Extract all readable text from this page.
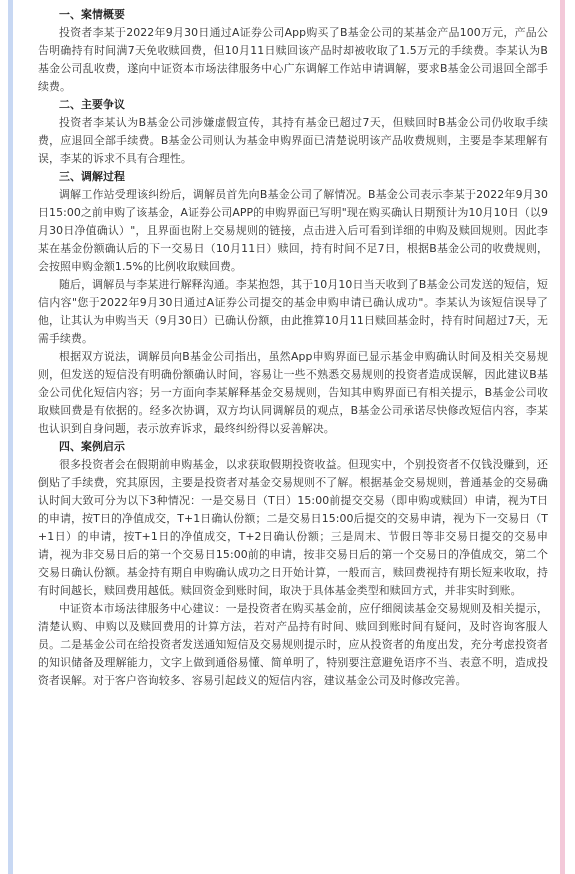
一、案情概要

投资者李某于2022年9月30日通过A证券公司App购买了B基金公司的某基金产品100万元，产品公告明确持有时间满7天免收赎回费，但10月11日赎回该产品时却被收取了1.5万元的手续费。李某认为B基金公司乱收费，遂向中证资本市场法律服务中心广东调解工作站申请调解，要求B基金公司退回全部手续费。

二、主要争议

投资者李某认为B基金公司涉嫌虚假宣传，其持有基金已超过7天，但赎回时B基金公司仍收取手续费，应退回全部手续费。B基金公司则认为基金申购界面已清楚说明该产品收费规则，主要是李某理解有误，李某的诉求不具有合理性。

三、调解过程

调解工作站受理该纠纷后，调解员首先向B基金公司了解情况。B基金公司表示李某于2022年9月30日15:00之前申购了该基金，A证券公司APP的申购界面已写明"现在购买确认日期预计为10月10日（以9月30日净值确认）"，且界面也附上交易规则的链接，点击进入后可看到详细的申购及赎回规则。因此李某在基金份额确认后的下一交易日（10月11日）赎回，持有时间不足7日，根据B基金公司的收费规则，会按照申购金额1.5%的比例收取赎回费。

随后，调解员与李某进行解释沟通。李某抱怨，其于10月10日当天收到了B基金公司发送的短信，短信内容"您于2022年9月30日通过A证券公司提交的基金申购申请已确认成功"。李某认为该短信误导了他，让其认为申购当天（9月30日）已确认份额，由此推算10月11日赎回基金时，持有时间超过7天，无需手续费。

根据双方说法，调解员向B基金公司指出，虽然App申购界面已显示基金申购确认时间及相关交易规则，但发送的短信没有明确份额确认时间，容易让一些不熟悉交易规则的投资者造成误解，因此建议B基金公司优化短信内容；另一方面向李某解释基金交易规则，告知其申购界面已有相关提示，B基金公司收取赎回费是有依据的。经多次协调，双方均认同调解员的观点，B基金公司承诺尽快修改短信内容，李某也认识到自身问题，表示放弃诉求，最终纠纷得以妥善解决。

四、案例启示

很多投资者会在假期前申购基金，以求获取假期投资收益。但现实中，个别投资者不仅钱没赚到，还倒贴了手续费，究其原因，主要是投资者对基金交易规则不了解。根据基金交易规则，普通基金的交易确认时间大致可分为以下3种情况：一是交易日（T日）15:00前提交交易（即申购或赎回）申请，视为T日的申请，按T日的净值成交，T+1日确认份额；二是交易日15:00后提交的交易申请，视为下一交易日（T+1日）的申请，按T+1日的净值成交，T+2日确认份额；三是周末、节假日等非交易日提交的交易申请，视为非交易日后的第一个交易日15:00前的申请，按非交易日后的第一个交易日的净值成交，第二个交易日确认份额。基金持有期自申购确认成功之日开始计算，一般而言，赎回费视持有期长短来收取，持有时间越长，赎回费用越低。赎回资金到账时间，取决于具体基金类型和赎回方式，并非实时到账。

中证资本市场法律服务中心建议：一是投资者在购买基金前，应仔细阅读基金交易规则及相关提示，清楚认购、申购以及赎回费用的计算方法，若对产品持有时间、赎回到账时间有疑问，及时咨询客服人员。二是基金公司在给投资者发送通知短信及交易规则提示时，应从投资者的角度出发，充分考虑投资者的知识储备及理解能力，文字上做到通俗易懂、简单明了，特别要注意避免语序不当、表意不明，造成投资者误解。对于客户咨询较多、容易引起歧义的短信内容，建议基金公司及时修改完善。
